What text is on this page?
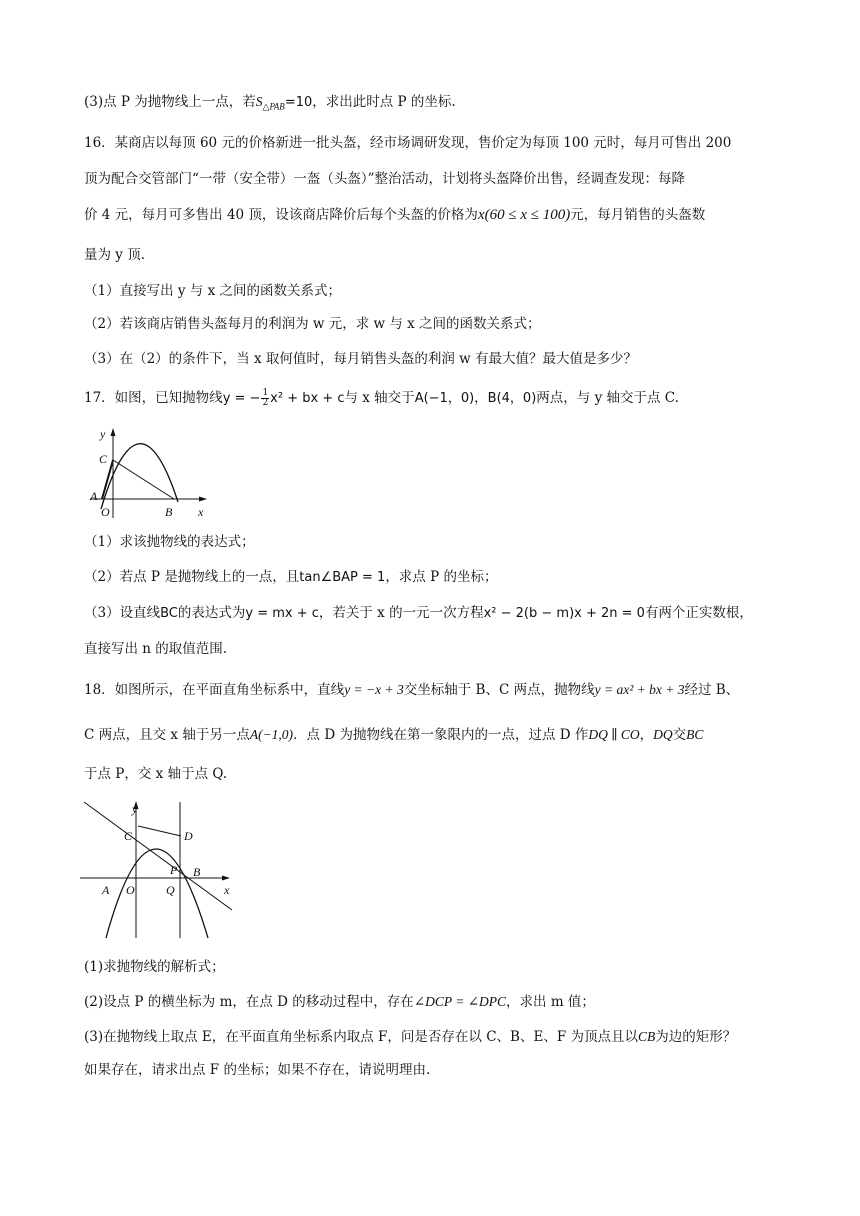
(3)点 P 为抛物线上一点，若$S_{\triangle PAB}=10$，求出此时点 P 的坐标.
16．某商店以每顶 60 元的价格新进一批头盔，经市场调研发现，售价定为每顶 100 元时，每月可售出 200
顶为配合交管部门“一带（安全带）一盔（头盔）”整治活动，计划将头盔降价出售，经调查发现：每降
价 4 元，每月可多售出 40 顶，设该商店降价后每个头盔的价格为x(60 ≤ x ≤ 100)元，每月销售的头盔数
量为 y 顶.
（1）直接写出 y 与 x 之间的函数关系式；
（2）若该商店销售头盔每月的利润为 w 元，求 w 与 x 之间的函数关系式；
（3）在（2）的条件下，当 x 取何值时，每月销售头盔的利润 w 有最大值？最大值是多少？
17．如图，已知抛物线y = − $\frac{1}{2} x^2$ + bx + c与 x 轴交于A(−1，0)，B(4，0)两点，与 y 轴交于点 C.
x
y
C
A
O	B
（1）求该抛物线的表达式；
（2）若点 P 是抛物线上的一点，且tan∠BAP = 1，求点 P 的坐标；
（3）设直线BC的表达式为y = mx + c，若关于 x 的一元一次方程x² − 2(b − m)x + 2n = 0有两个正实数根，
直接写出 n 的取值范围.
18．如图所示，在平面直角坐标系中，直线y = −x + 3交坐标轴于 B、C 两点，抛物线y = ax² + bx + 3经过 B、
C 两点，且交 x 轴于另一点A(−1,0)．点 D 为抛物线在第一象限内的一点，过点 D 作DQ ∥ CO，DQ交BC
于点 P，交 x 轴于点 Q.
y
x
C	D
P B
A O	Q
(1)求抛物线的解析式；
(2)设点 P 的横坐标为 m，在点 D 的移动过程中，存在∠DCP = ∠DPC，求出 m 值；
(3)在抛物线上取点 E，在平面直角坐标系内取点 F，问是否存在以 C、B、E、F 为顶点且以CB为边的矩形？
如果存在，请求出点 F 的坐标；如果不存在，请说明理由.
